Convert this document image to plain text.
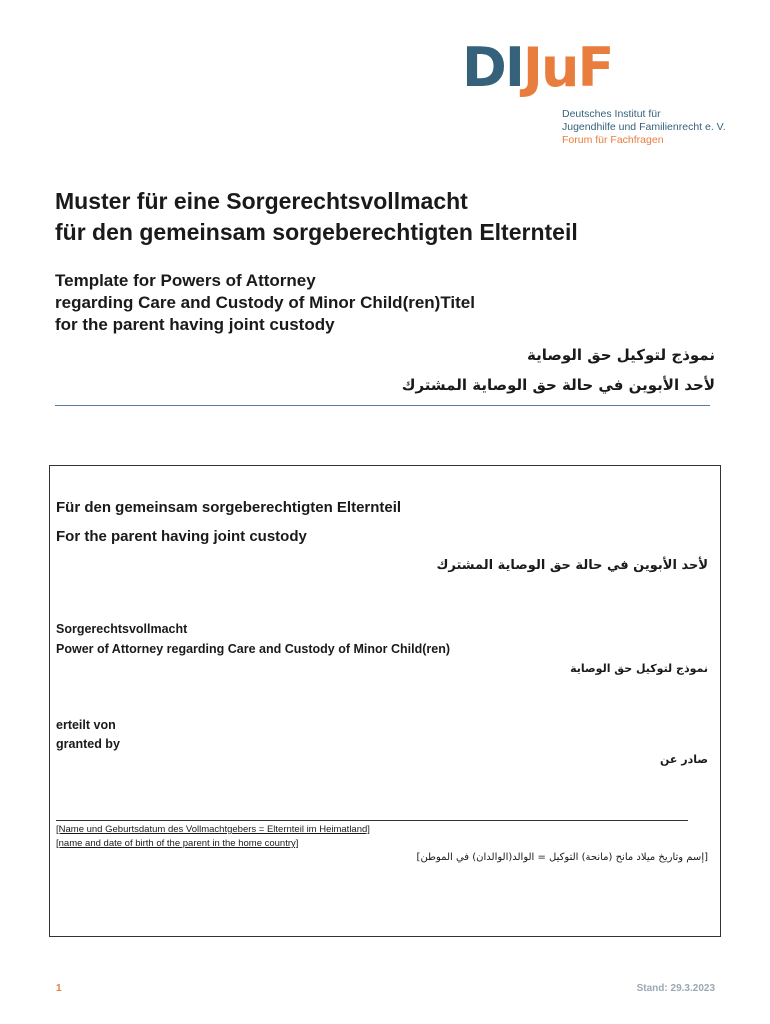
DIJuF
Deutsches Institut für
Jugendhilfe und Familienrecht e. V.
Forum für Fachfragen
Muster für eine Sorgerechtsvollmacht
für den gemeinsam sorgeberechtigten Elternteil
Template for Powers of Attorney
regarding Care and Custody of Minor Child(ren)Titel
for the parent having joint custody
نموذج لتوكيل حق الوصاية
لأحد الأبوين في حالة حق الوصاية المشترك
Für den gemeinsam sorgeberechtigten Elternteil
For the parent having joint custody
لأحد الأبوين في حالة حق الوصاية المشترك
Sorgerechtsvollmacht
Power of Attorney regarding Care and Custody of Minor Child(ren)
نموذج لتوكيل حق الوصاية
erteilt von
granted by
صادر عن
[Name und Geburtsdatum des Vollmachtgebers = Elternteil im Heimatland]
[name and date of birth of the parent in the home country]
[إسم وتاريخ ميلاد مانح (مانحة) التوكيل = الوالد(الوالدان) في الموطن]
1	Stand: 29.3.2023
